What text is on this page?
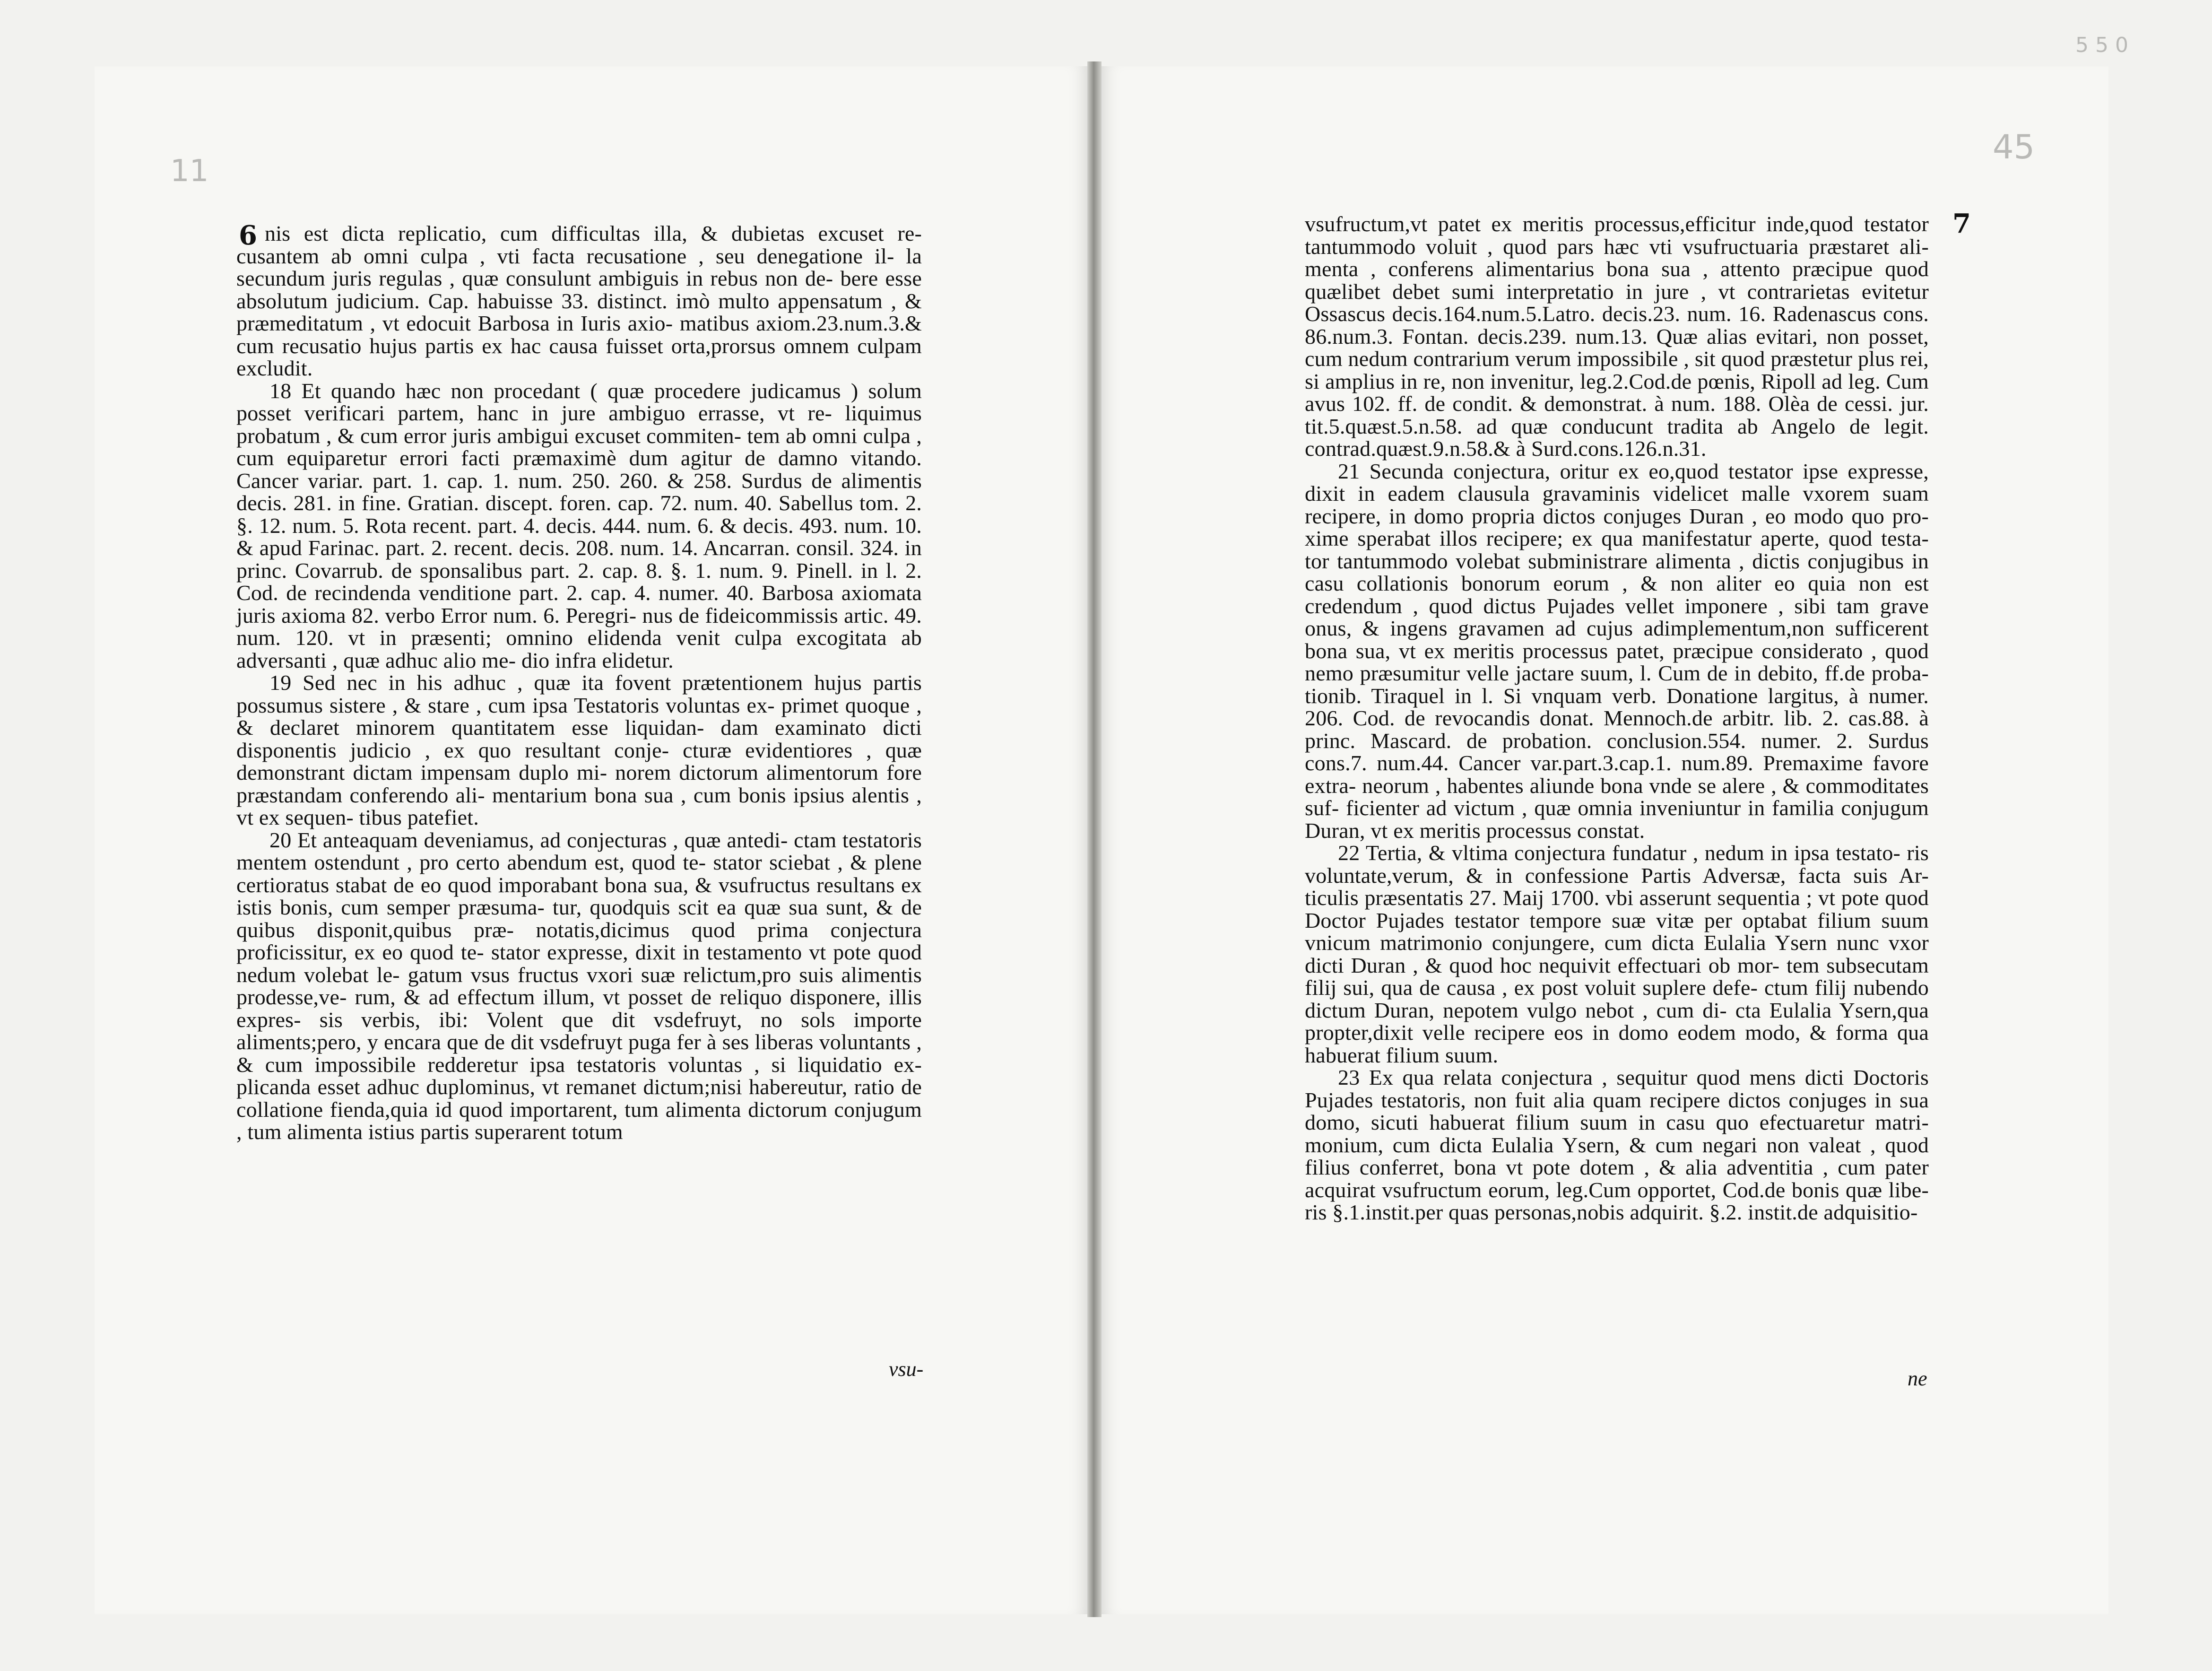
11
45
5 5 0
6	7

nis est dicta replicatio, cum difficultas illa, & dubietas excuset re- cusantem ab omni culpa , vti facta recusatione , seu denegatione il- la secundum juris regulas , quæ consulunt ambiguis in rebus non de- bere esse absolutum judicium. Cap. habuisse 33. distinct. imò multo appensatum , & præmeditatum , vt edocuit Barbosa in Iuris axio- matibus axiom.23.num.3.& cum recusatio hujus partis ex hac causa fuisset orta,prorsus omnem culpam excludit.

18 Et quando hæc non procedant ( quæ procedere judicamus ) solum posset verificari partem, hanc in jure ambiguo errasse, vt re- liquimus probatum , & cum error juris ambigui excuset commiten- tem ab omni culpa , cum equiparetur errori facti præmaximè dum agitur de damno vitando. Cancer variar. part. 1. cap. 1. num. 250. 260. & 258. Surdus de alimentis decis. 281. in fine. Gratian. discept. foren. cap. 72. num. 40. Sabellus tom. 2. §. 12. num. 5. Rota recent. part. 4. decis. 444. num. 6. & decis. 493. num. 10. & apud Farinac. part. 2. recent. decis. 208. num. 14. Ancarran. consil. 324. in princ. Covarrub. de sponsalibus part. 2. cap. 8. §. 1. num. 9. Pinell. in l. 2. Cod. de recindenda venditione part. 2. cap. 4. numer. 40. Barbosa axiomata juris axioma 82. verbo Error num. 6. Peregri- nus de fideicommissis artic. 49. num. 120. vt in præsenti; omnino elidenda venit culpa excogitata ab adversanti , quæ adhuc alio me- dio infra elidetur.

19 Sed nec in his adhuc , quæ ita fovent prætentionem hujus partis possumus sistere , & stare , cum ipsa Testatoris voluntas ex- primet quoque , & declaret minorem quantitatem esse liquidan- dam examinato dicti disponentis judicio , ex quo resultant conje- cturæ evidentiores , quæ demonstrant dictam impensam duplo mi- norem dictorum alimentorum fore præstandam conferendo ali- mentarium bona sua , cum bonis ipsius alentis , vt ex sequen- tibus patefiet.

20 Et anteaquam deveniamus, ad conjecturas , quæ antedi- ctam testatoris mentem ostendunt , pro certo abendum est, quod te- stator sciebat , & plene certioratus stabat de eo quod imporabant bona sua, & vsufructus resultans ex istis bonis, cum semper præsuma- tur, quodquis scit ea quæ sua sunt, & de quibus disponit,quibus præ- notatis,dicimus quod prima conjectura proficissitur, ex eo quod te- stator expresse, dixit in testamento vt pote quod nedum volebat le- gatum vsus fructus vxori suæ relictum,pro suis alimentis prodesse,ve- rum, & ad effectum illum, vt posset de reliquo disponere, illis expres- sis verbis, ibi: Volent que dit vsdefruyt, no sols importe aliments;pero, y encara que de dit vsdefruyt puga fer à ses liberas voluntants , & cum impossibile redderetur ipsa testatoris voluntas , si liquidatio ex- plicanda esset adhuc duplominus, vt remanet dictum;nisi habereutur, ratio de collatione fienda,quia id quod importarent, tum alimenta dictorum conjugum , tum alimenta istius partis superarent totum

vsu-

vsufructum,vt patet ex meritis processus,efficitur inde,quod testator tantummodo voluit , quod pars hæc vti vsufructuaria præstaret ali- menta , conferens alimentarius bona sua , attento præcipue quod quælibet debet sumi interpretatio in jure , vt contrarietas evitetur Ossascus decis.164.num.5.Latro. decis.23. num. 16. Radenascus cons. 86.num.3. Fontan. decis.239. num.13. Quæ alias evitari, non posset, cum nedum contrarium verum impossibile , sit quod præstetur plus rei, si amplius in re, non invenitur, leg.2.Cod.de pœnis, Ripoll ad leg. Cum avus 102. ff. de condit. & demonstrat. à num. 188. Olèa de cessi. jur. tit.5.quæst.5.n.58. ad quæ conducunt tradita ab Angelo de legit. contrad.quæst.9.n.58.& à Surd.cons.126.n.31.

21 Secunda conjectura, oritur ex eo,quod testator ipse expresse, dixit in eadem clausula gravaminis videlicet malle vxorem suam recipere, in domo propria dictos conjuges Duran , eo modo quo pro- xime sperabat illos recipere; ex qua manifestatur aperte, quod testa- tor tantummodo volebat subministrare alimenta , dictis conjugibus in casu collationis bonorum eorum , & non aliter eo quia non est credendum , quod dictus Pujades vellet imponere , sibi tam grave onus, & ingens gravamen ad cujus adimplementum,non sufficerent bona sua, vt ex meritis processus patet, præcipue considerato , quod nemo præsumitur velle jactare suum, l. Cum de in debito, ff.de proba- tionib. Tiraquel in l. Si vnquam verb. Donatione largitus, à numer. 206. Cod. de revocandis donat. Mennoch.de arbitr. lib. 2. cas.88. à princ. Mascard. de probation. conclusion.554. numer. 2. Surdus cons.7. num.44. Cancer var.part.3.cap.1. num.89. Premaxime favore extra- neorum , habentes aliunde bona vnde se alere , & commoditates suf- ficienter ad victum , quæ omnia inveniuntur in familia conjugum Duran, vt ex meritis processus constat.

22 Tertia, & vltima conjectura fundatur , nedum in ipsa testato- ris voluntate,verum, & in confessione Partis Adversæ, facta suis Ar- ticulis præsentatis 27. Maij 1700. vbi asserunt sequentia ; vt pote quod Doctor Pujades testator tempore suæ vitæ per optabat filium suum vnicum matrimonio conjungere, cum dicta Eulalia Ysern nunc vxor dicti Duran , & quod hoc nequivit effectuari ob mor- tem subsecutam filij sui, qua de causa , ex post voluit suplere defe- ctum filij nubendo dictum Duran, nepotem vulgo nebot , cum di- cta Eulalia Ysern,qua propter,dixit velle recipere eos in domo eodem modo, & forma qua habuerat filium suum.

23 Ex qua relata conjectura , sequitur quod mens dicti Doctoris Pujades testatoris, non fuit alia quam recipere dictos conjuges in sua domo, sicuti habuerat filium suum in casu quo efectuaretur matri- monium, cum dicta Eulalia Ysern, & cum negari non valeat , quod filius conferret, bona vt pote dotem , & alia adventitia , cum pater acquirat vsufructum eorum, leg.Cum opportet, Cod.de bonis quæ libe- ris §.1.instit.per quas personas,nobis adquirit. §.2. instit.de adquisitio-

ne
